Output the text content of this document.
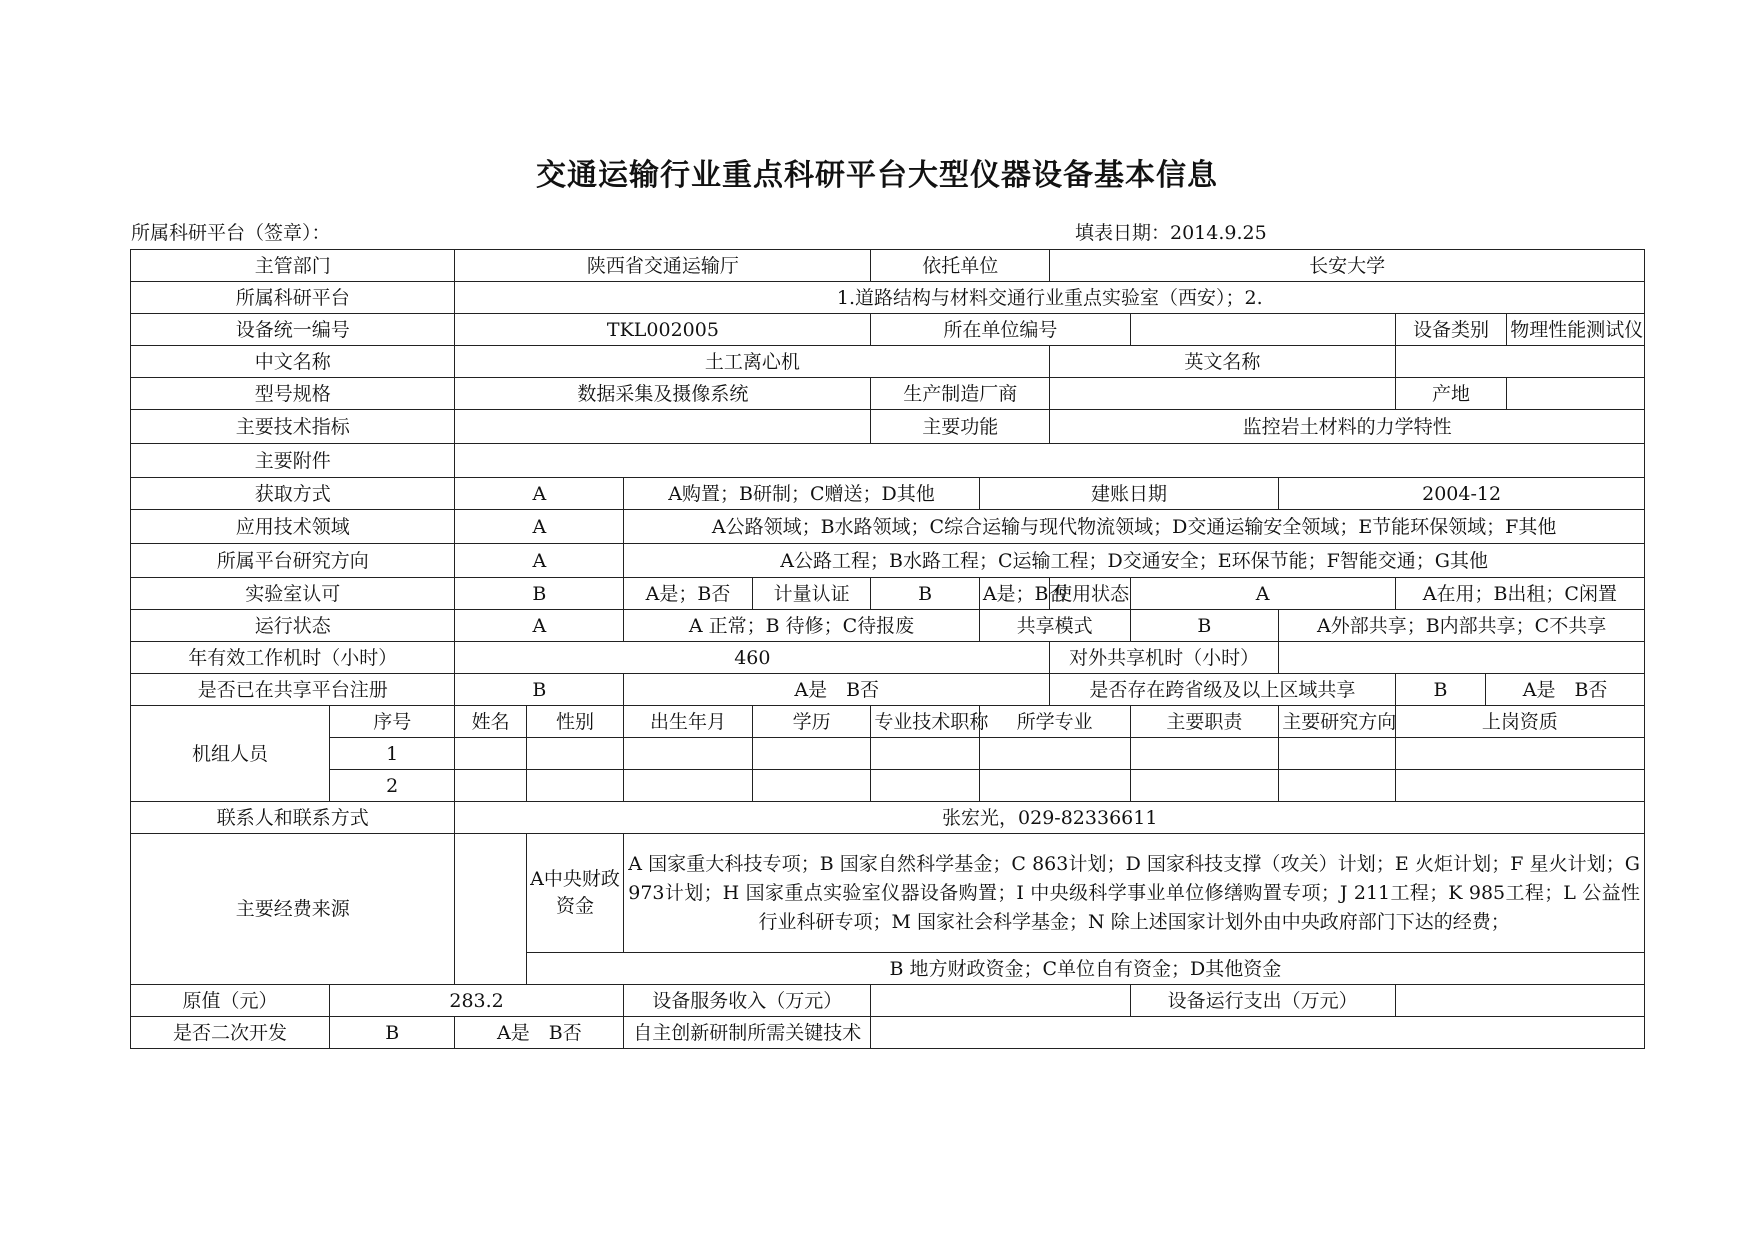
交通运输行业重点科研平台大型仪器设备基本信息
所属科研平台（签章）：	填表日期：2014.9.25
主管部门		陕西省交通运输厅				依托单位		长安大学					
所属科研平台		1.道路结构与材料交通行业重点实验室（西安）；2.											
设备统一编号		TKL002005				所在单位编号					设备类别		物理性能测试仪
中文名称		土工离心机						英文名称					
型号规格		数据采集及摄像系统				生产制造厂商					产地		
主要技术指标						主要功能		监控岩土材料的力学特性					
主要附件													
获取方式		A		A购置；B研制；C赠送；D其他			建账日期			2004-12			
应用技术领域		A		A公路领域；B水路领域；C综合运输与现代物流领域；D交通运输安全领域；E节能环保领域；F其他									
所属平台研究方向		A		A公路工程；B水路工程；C运输工程；D交通安全；E环保节能；F智能交通；G其他									
实验室认可		B		A是；B否	计量认证	B	A是；B否	使用状态	A		A在用；B出租；C闲置		
运行状态		A		A 正常；B 待修；C待报废			共享模式		B	A外部共享；B内部共享；C不共享			
年有效工作机时（小时）		460						对外共享机时（小时）					
是否已在共享平台注册		B		A是　B否				是否存在跨省级及以上区域共享			B	A是　B否	
机组人员	序号	姓名	性别	出生年月	学历	专业技术职称	所学专业		主要职责	主要研究方向	上岗资质		
	1												
	2												
联系人和联系方式		张宏光，029-82336611											
主要经费来源			A中央财政资金	A 国家重大科技专项；B 国家自然科学基金；C 863计划；D 国家科技支撑（攻关）计划；E 火炬计划；F 星火计划；G 973计划；H 国家重点实验室仪器设备购置；I 中央级科学事业单位修缮购置专项；J 211工程；K 985工程；L 公益性行业科研专项；M 国家社会科学基金；N 除上述国家计划外由中央政府部门下达的经费；									
			B 地方财政资金；C单位自有资金；D其他资金										
原值（元）	283.2			设备服务收入（万元）					设备运行支出（万元）				
是否二次开发	B	A是　B否		自主创新研制所需关键技术									
